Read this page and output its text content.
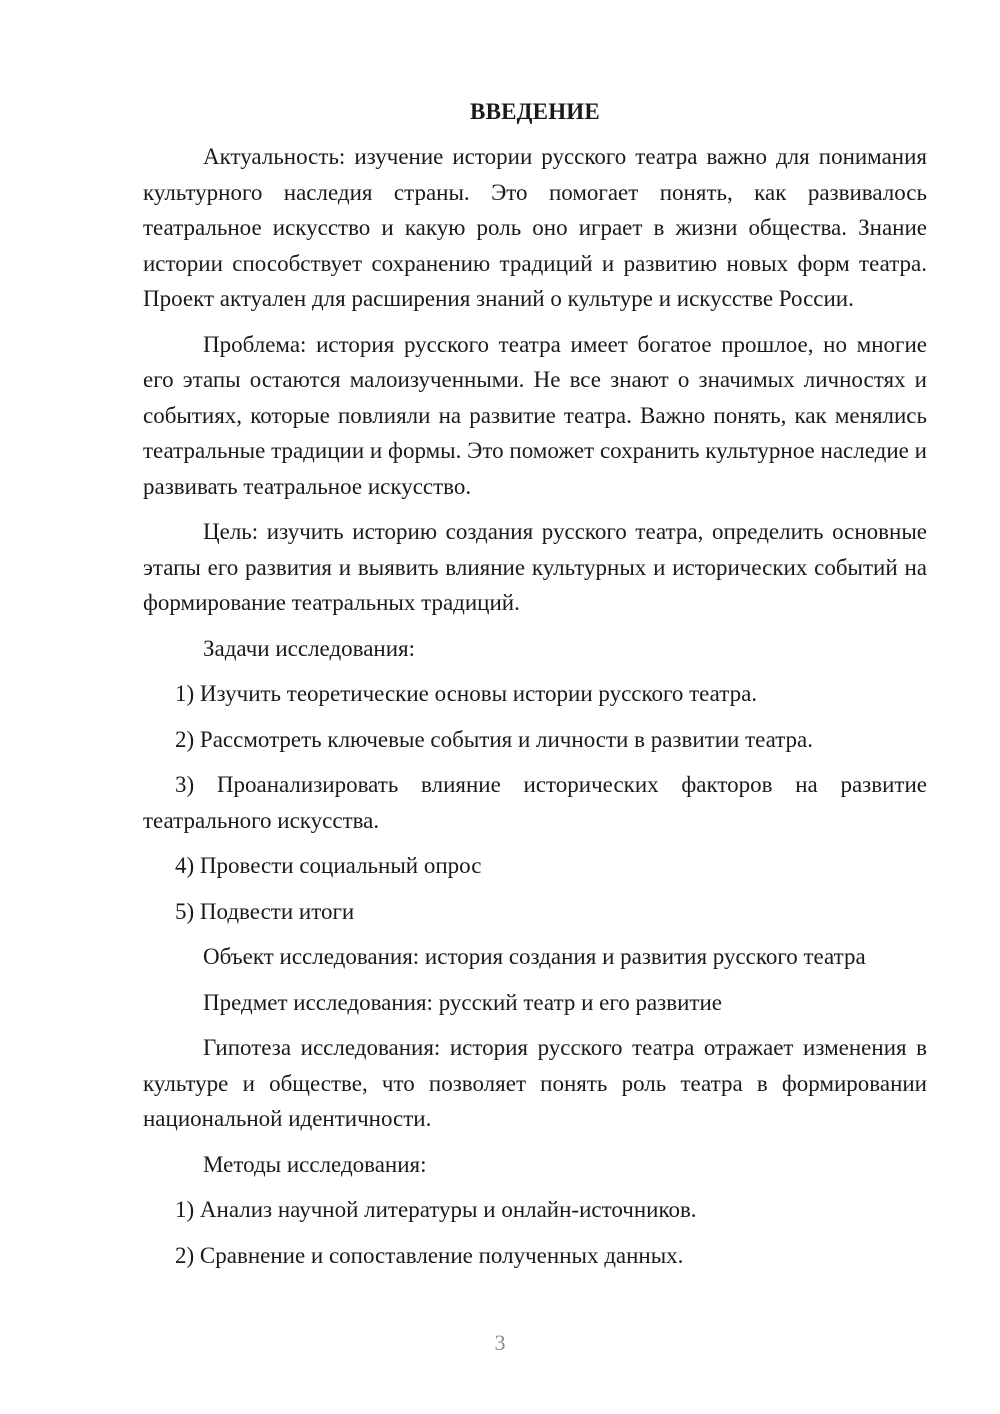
ВВЕДЕНИЕ

Актуальность: изучение истории русского театра важно для понимания культурного наследия страны. Это помогает понять, как развивалось театральное искусство и какую роль оно играет в жизни общества. Знание истории способствует сохранению традиций и развитию новых форм театра. Проект актуален для расширения знаний о культуре и искусстве России.

Проблема: история русского театра имеет богатое прошлое, но многие его этапы остаются малоизученными. Не все знают о значимых личностях и событиях, которые повлияли на развитие театра. Важно понять, как менялись театральные традиции и формы. Это поможет сохранить культурное наследие и развивать театральное искусство.

Цель: изучить историю создания русского театра, определить основные этапы его развития и выявить влияние культурных и исторических событий на формирование театральных традиций.

Задачи исследования:

1) Изучить теоретические основы истории русского театра.

2) Рассмотреть ключевые события и личности в развитии театра.

3) Проанализировать влияние исторических факторов на развитие театрального искусства.

4) Провести социальный опрос

5) Подвести итоги

Объект исследования: история создания и развития русского театра

Предмет исследования: русский театр и его развитие

Гипотеза исследования: история русского театра отражает изменения в культуре и обществе, что позволяет понять роль театра в формировании национальной идентичности.

Методы исследования:

1) Анализ научной литературы и онлайн-источников.

2) Сравнение и сопоставление полученных данных.

3
